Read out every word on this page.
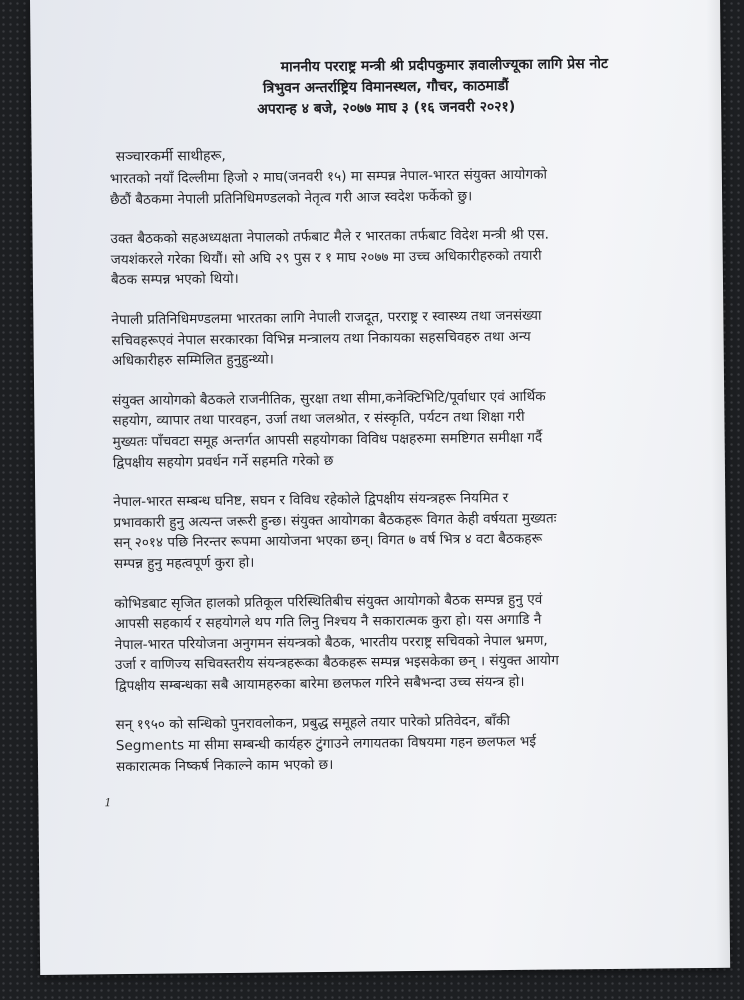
माननीय परराष्ट्र मन्त्री श्री प्रदीपकुमार ज्ञवालीज्यूका लागि प्रेस नोट
त्रिभुवन अन्तर्राष्ट्रिय विमानस्थल, गौचर, काठमाडौं
अपरान्ह ४ बजे, २०७७ माघ ३ (१६ जनवरी २०२१)
सञ्चारकर्मी साथीहरू,

भारतको नयाँ दिल्लीमा हिजो २ माघ(जनवरी १५) मा सम्पन्न नेपाल-भारत संयुक्त आयोगको
छैठौं बैठकमा नेपाली प्रतिनिधिमण्डलको नेतृत्व गरी आज स्वदेश फर्केको छु।

उक्त बैठकको सहअध्यक्षता नेपालको तर्फबाट मैले र भारतका तर्फबाट विदेश मन्त्री श्री एस.
जयशंकरले गरेका थियौं। सो अघि २९ पुस र १ माघ २०७७ मा उच्च अधिकारीहरुको तयारी
बैठक सम्पन्न भएको थियो।

नेपाली प्रतिनिधिमण्डलमा भारतका लागि नेपाली राजदूत, परराष्ट्र र स्वास्थ्य तथा जनसंख्या
सचिवहरूएवं नेपाल सरकारका विभिन्न मन्त्रालय तथा निकायका सहसचिवहरु तथा अन्य
अधिकारीहरु सम्मिलित हुनुहुन्थ्यो।

संयुक्त आयोगको बैठकले राजनीतिक, सुरक्षा तथा सीमा,कनेक्टिभिटि/पूर्वाधार एवं आर्थिक
सहयोग, व्यापार तथा पारवहन, उर्जा तथा जलश्रोत, र संस्कृति, पर्यटन तथा शिक्षा गरी
मुख्यतः पाँचवटा समूह अन्तर्गत आपसी सहयोगका विविध पक्षहरुमा समष्टिगत समीक्षा गर्दै
द्विपक्षीय सहयोग प्रवर्धन गर्ने सहमति गरेको छ

नेपाल-भारत सम्बन्ध घनिष्ट, सघन र विविध रहेकोले द्विपक्षीय संयन्त्रहरू नियमित र
प्रभावकारी हुनु अत्यन्त जरूरी हुन्छ। संयुक्त आयोगका बैठकहरू विगत केही वर्षयता मुख्यतः
सन् २०१४ पछि निरन्तर रूपमा आयोजना भएका छन्। विगत ७ वर्ष भित्र ४ वटा बैठकहरू
सम्पन्न हुनु महत्वपूर्ण कुरा हो।

कोभिडबाट सृजित हालको प्रतिकूल परिस्थितिबीच संयुक्त आयोगको बैठक सम्पन्न हुनु एवं
आपसी सहकार्य र सहयोगले थप गति लिनु निश्चय नै सकारात्मक कुरा हो। यस अगाडि नै
नेपाल-भारत परियोजना अनुगमन संयन्त्रको बैठक, भारतीय परराष्ट्र सचिवको नेपाल भ्रमण,
उर्जा र वाणिज्य सचिवस्तरीय संयन्त्रहरूका बैठकहरू सम्पन्न भइसकेका छन् । संयुक्त आयोग
द्विपक्षीय सम्बन्धका सबै आयामहरुका बारेमा छलफल गरिने सबैभन्दा उच्च संयन्त्र हो।

सन् १९५० को सन्धिको पुनरावलोकन, प्रबुद्ध समूहले तयार पारेको प्रतिवेदन, बाँकी
Segments मा सीमा सम्बन्धी कार्यहरु टुंगाउने लगायतका विषयमा गहन छलफल भई
सकारात्मक निष्कर्ष निकाल्ने काम भएको छ।

1
